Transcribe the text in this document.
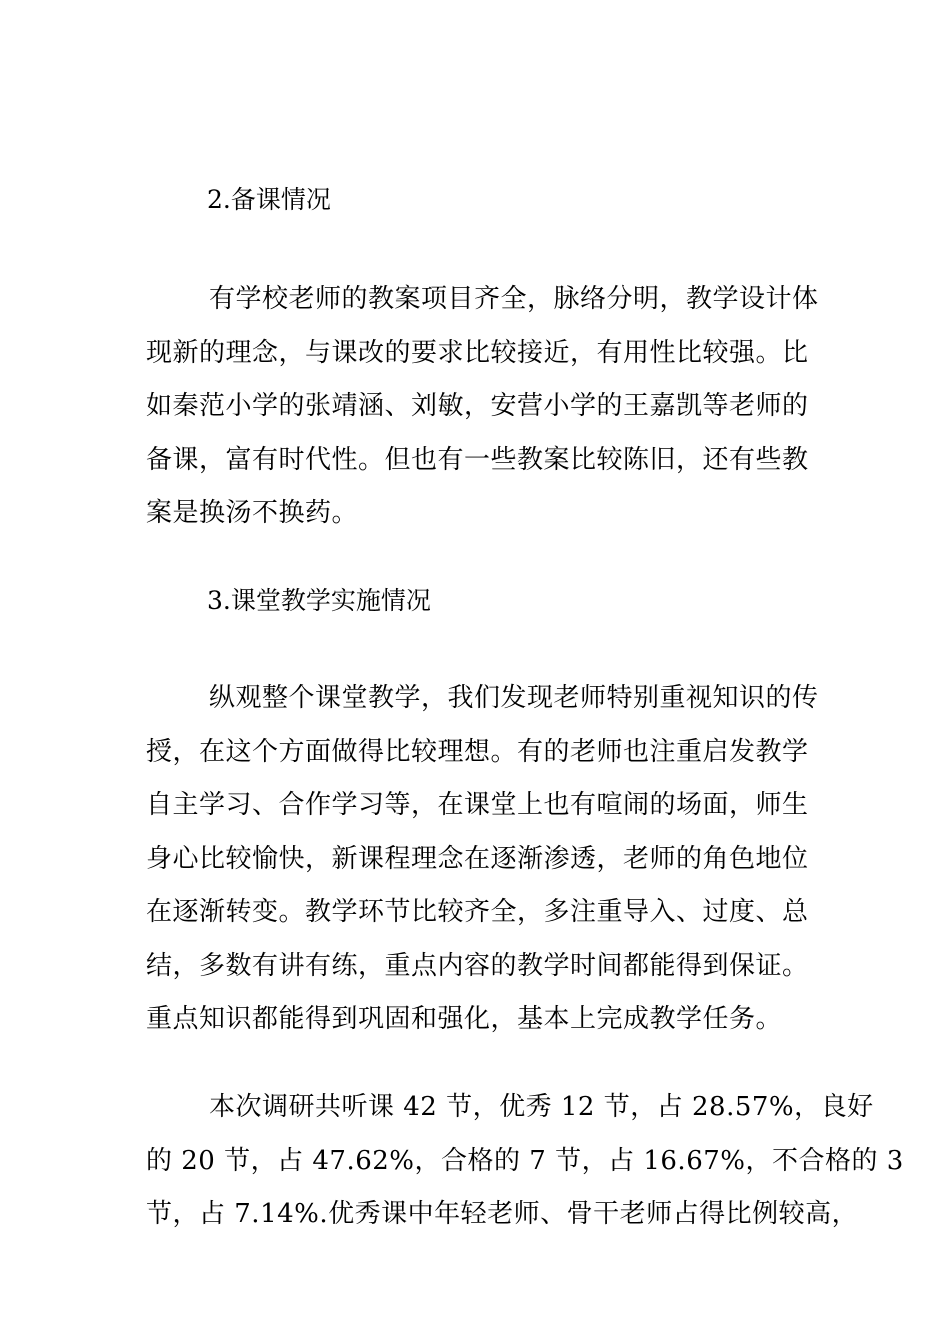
2.备课情况
有学校老师的教案项目齐全，脉络分明，教学设计体
现新的理念，与课改的要求比较接近，有用性比较强。比
如秦范小学的张靖涵、刘敏，安营小学的王嘉凯等老师的
备课，富有时代性。但也有一些教案比较陈旧，还有些教
案是换汤不换药。
3.课堂教学实施情况
纵观整个课堂教学，我们发现老师特别重视知识的传
授，在这个方面做得比较理想。有的老师也注重启发教学
自主学习、合作学习等，在课堂上也有喧闹的场面，师生
身心比较愉快，新课程理念在逐渐渗透，老师的角色地位
在逐渐转变。教学环节比较齐全，多注重导入、过度、总
结，多数有讲有练，重点内容的教学时间都能得到保证。
重点知识都能得到巩固和强化，基本上完成教学任务。
本次调研共听课 42 节，优秀 12 节，占 28.57%，良好
的 20 节，占 47.62%，合格的 7 节，占 16.67%，不合格的 3
节，占 7.14%.优秀课中年轻老师、骨干老师占得比例较高，
